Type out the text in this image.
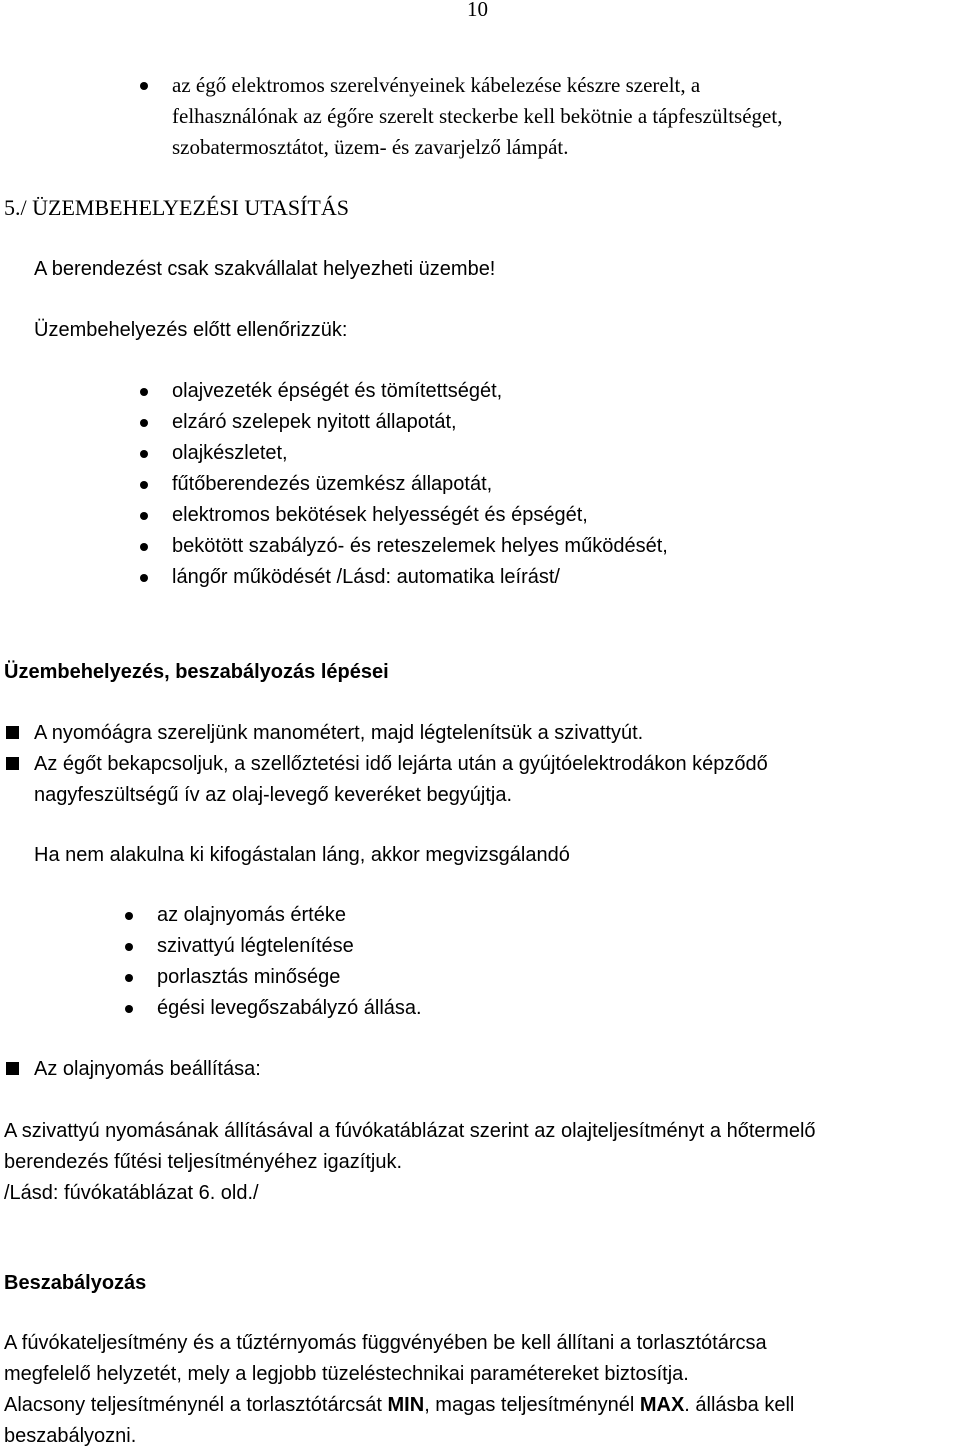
10
az égő elektromos szerelvényeinek kábelezése készre szerelt, a
felhasználónak az égőre szerelt steckerbe kell bekötnie a tápfeszültséget,
szobatermosztátot, üzem- és zavarjelző lámpát.
5./ ÜZEMBEHELYEZÉSI UTASÍTÁS
A berendezést csak szakvállalat helyezheti üzembe!
Üzembehelyezés előtt ellenőrizzük:
olajvezeték épségét és tömítettségét,
elzáró szelepek nyitott állapotát,
olajkészletet,
fűtőberendezés üzemkész állapotát,
elektromos bekötések helyességét és épségét,
bekötött szabályzó- és reteszelemek helyes működését,
lángőr működését /Lásd: automatika leírást/
Üzembehelyezés, beszabályozás lépései
A nyomóágra szereljünk manométert, majd légtelenítsük a szivattyút.
Az égőt bekapcsoljuk, a szellőztetési idő lejárta után a gyújtóelektrodákon képződő
nagyfeszültségű ív az olaj-levegő keveréket begyújtja.
Ha nem alakulna ki kifogástalan láng, akkor megvizsgálandó
az olajnyomás értéke
szivattyú légtelenítése
porlasztás minősége
égési levegőszabályzó állása.
Az olajnyomás beállítása:
A szivattyú nyomásának állításával a fúvókatáblázat szerint az olajteljesítményt a hőtermelő
berendezés fűtési teljesítményéhez igazítjuk.
/Lásd: fúvókatáblázat 6. old./
Beszabályozás
A fúvókateljesítmény és a tűztérnyomás függvényében be kell állítani a torlasztótárcsa
megfelelő helyzetét, mely a legjobb tüzeléstechnikai paramétereket biztosítja.
Alacsony teljesítménynél a torlasztótárcsát MIN, magas teljesítménynél MAX. állásba kell
beszabályozni.
